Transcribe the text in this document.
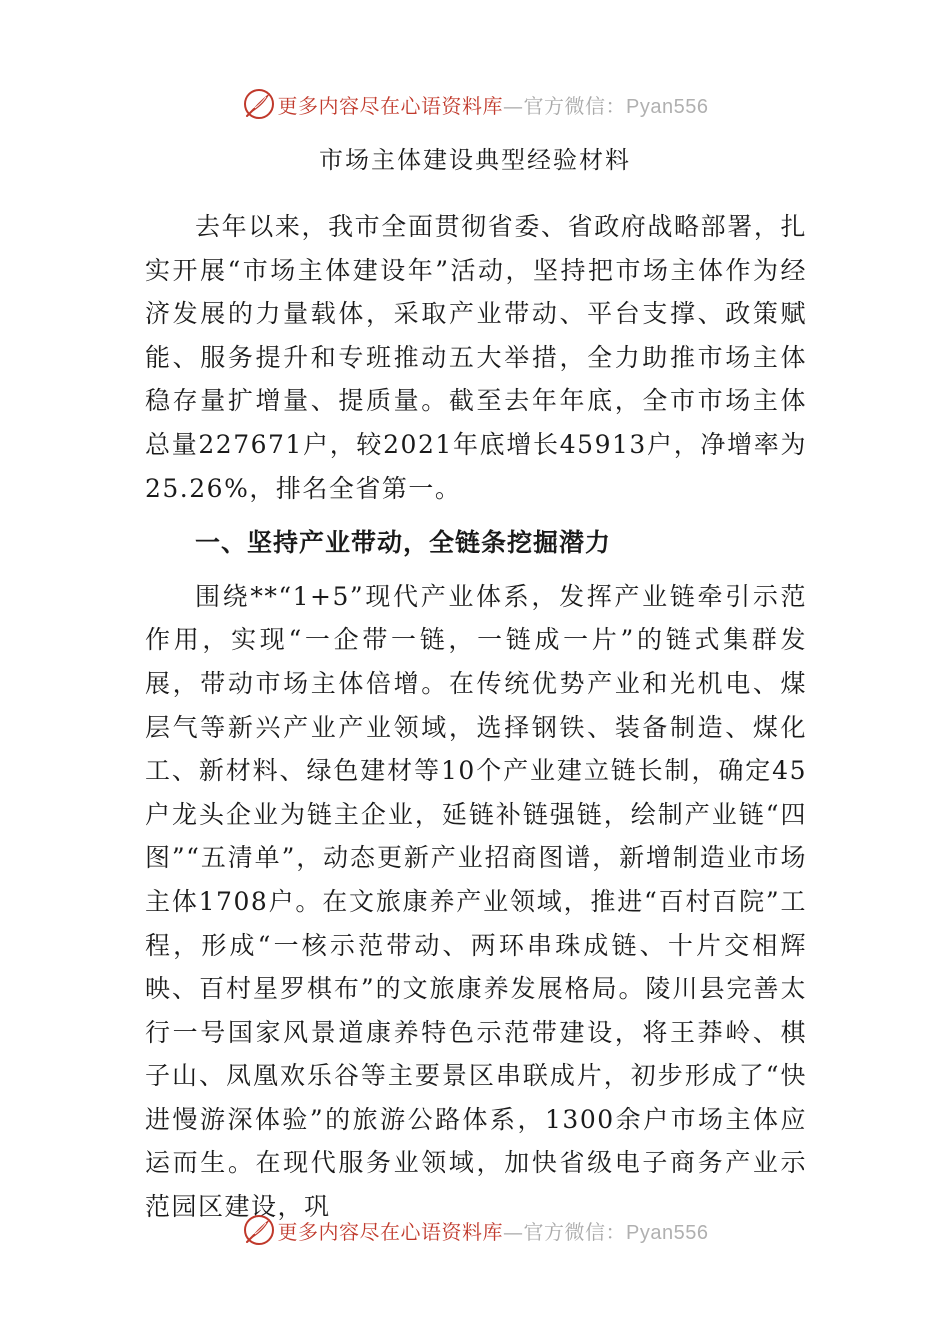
更多内容尽在心语资料库—官方微信：Pyan556
市场主体建设典型经验材料

去年以来，我市全面贯彻省委、省政府战略部署，扎实开展“市场主体建设年”活动，坚持把市场主体作为经济发展的力量载体，采取产业带动、平台支撑、政策赋能、服务提升和专班推动五大举措，全力助推市场主体稳存量扩增量、提质量。截至去年年底，全市市场主体总量227671户，较2021年底增长45913户，净增率为25.26%，排名全省第一。

一、坚持产业带动，全链条挖掘潜力

围绕**“1+5”现代产业体系，发挥产业链牵引示范作用，实现“一企带一链，一链成一片”的链式集群发展，带动市场主体倍增。在传统优势产业和光机电、煤层气等新兴产业产业领域，选择钢铁、装备制造、煤化工、新材料、绿色建材等10个产业建立链长制，确定45户龙头企业为链主企业，延链补链强链，绘制产业链“四图”“五清单”，动态更新产业招商图谱，新增制造业市场主体1708户。在文旅康养产业领域，推进“百村百院”工程，形成“一核示范带动、两环串珠成链、十片交相辉映、百村星罗棋布”的文旅康养发展格局。陵川县完善太行一号国家风景道康养特色示范带建设，将王莽岭、棋子山、凤凰欢乐谷等主要景区串联成片，初步形成了“快进慢游深体验”的旅游公路体系，1300余户市场主体应运而生。在现代服务业领域，加快省级电子商务产业示范园区建设，巩

更多内容尽在心语资料库—官方微信：Pyan556
